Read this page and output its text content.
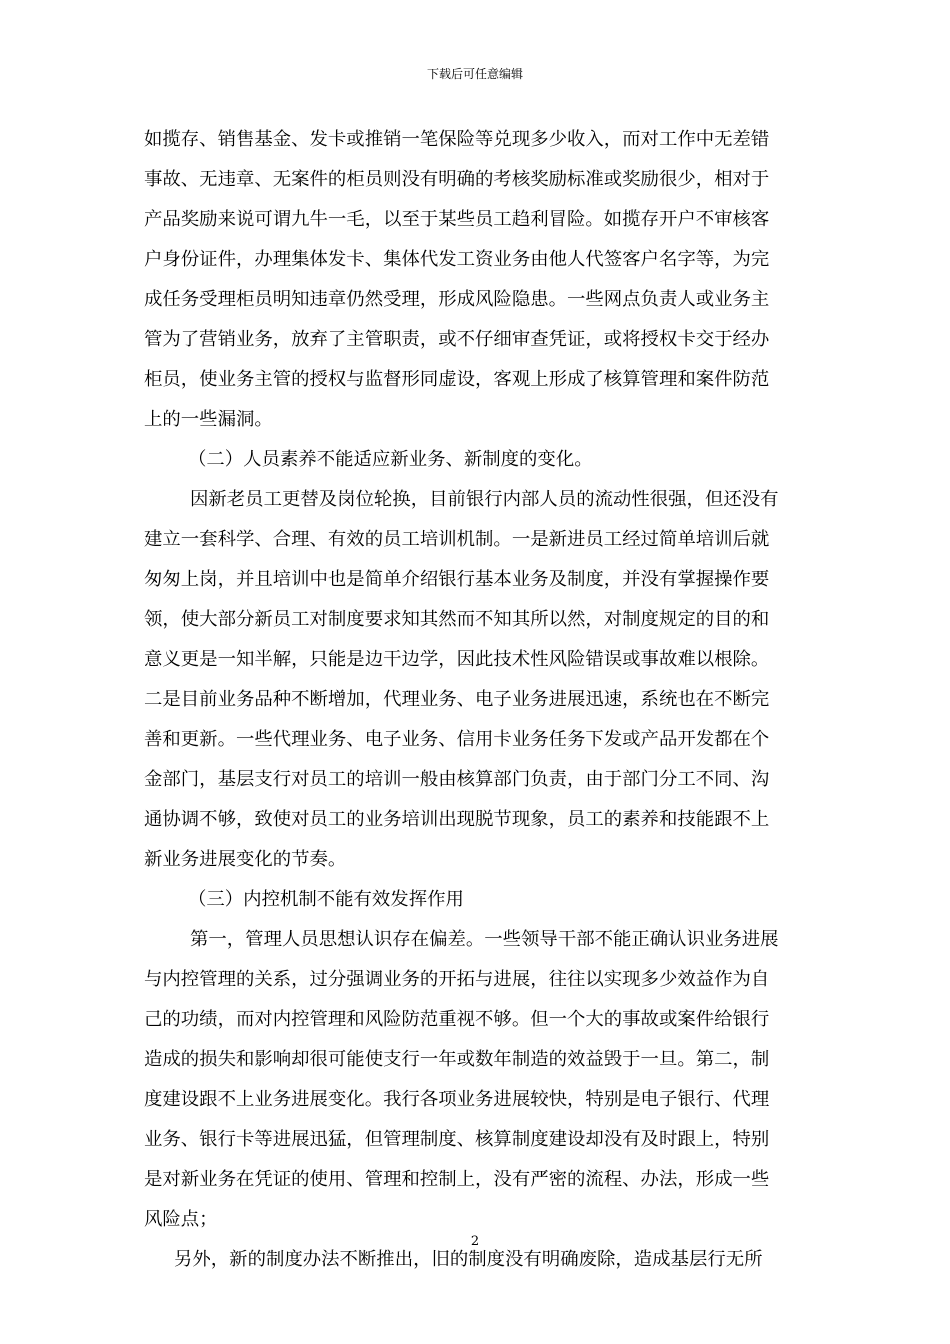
下载后可任意编辑
如揽存、销售基金、发卡或推销一笔保险等兑现多少收入，而对工作中无差错
事故、无违章、无案件的柜员则没有明确的考核奖励标准或奖励很少，相对于
产品奖励来说可谓九牛一毛，以至于某些员工趋利冒险。如揽存开户不审核客
户身份证件，办理集体发卡、集体代发工资业务由他人代签客户名字等，为完
成任务受理柜员明知违章仍然受理，形成风险隐患。一些网点负责人或业务主
管为了营销业务，放弃了主管职责，或不仔细审查凭证，或将授权卡交于经办
柜员，使业务主管的授权与监督形同虚设，客观上形成了核算管理和案件防范
上的一些漏洞。
（二）人员素养不能适应新业务、新制度的变化。
因新老员工更替及岗位轮换，目前银行内部人员的流动性很强，但还没有
建立一套科学、合理、有效的员工培训机制。一是新进员工经过简单培训后就
匆匆上岗，并且培训中也是简单介绍银行基本业务及制度，并没有掌握操作要
领，使大部分新员工对制度要求知其然而不知其所以然，对制度规定的目的和
意义更是一知半解，只能是边干边学，因此技术性风险错误或事故难以根除。
二是目前业务品种不断增加，代理业务、电子业务进展迅速，系统也在不断完
善和更新。一些代理业务、电子业务、信用卡业务任务下发或产品开发都在个
金部门，基层支行对员工的培训一般由核算部门负责，由于部门分工不同、沟
通协调不够，致使对员工的业务培训出现脱节现象，员工的素养和技能跟不上
新业务进展变化的节奏。
（三）内控机制不能有效发挥作用
第一，管理人员思想认识存在偏差。一些领导干部不能正确认识业务进展
与内控管理的关系，过分强调业务的开拓与进展，往往以实现多少效益作为自
己的功绩，而对内控管理和风险防范重视不够。但一个大的事故或案件给银行
造成的损失和影响却很可能使支行一年或数年制造的效益毁于一旦。第二，制
度建设跟不上业务进展变化。我行各项业务进展较快，特别是电子银行、代理
业务、银行卡等进展迅猛，但管理制度、核算制度建设却没有及时跟上，特别
是对新业务在凭证的使用、管理和控制上，没有严密的流程、办法，形成一些
风险点；
另外，新的制度办法不断推出，旧的制度没有明确废除，造成基层行无所
2
